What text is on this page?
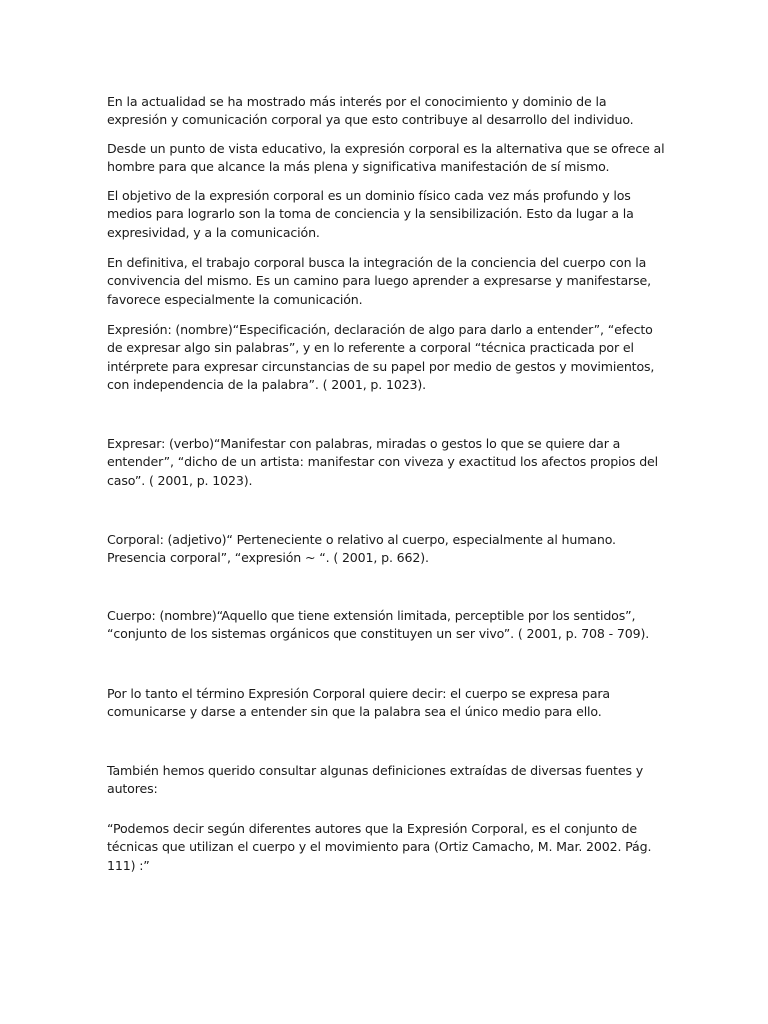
En la actualidad se ha mostrado más interés por el conocimiento y dominio de la expresión y comunicación corporal ya que esto contribuye al desarrollo del individuo.

Desde un punto de vista educativo, la expresión corporal es la alternativa que se ofrece al hombre para que alcance la más plena y significativa manifestación de sí mismo.

El objetivo de la expresión corporal es un dominio físico cada vez más profundo y los medios para lograrlo son la toma de conciencia y la sensibilización. Esto da lugar a la expresividad, y a la comunicación.

En definitiva, el trabajo corporal busca la integración de la conciencia del cuerpo con la convivencia del mismo. Es un camino para luego aprender a expresarse y manifestarse, favorece especialmente la comunicación.

Expresión: (nombre)“Especificación, declaración de algo para darlo a entender”, “efecto de expresar algo sin palabras”, y en lo referente a corporal “técnica practicada por el intérprete para expresar circunstancias de su papel por medio de gestos y movimientos, con independencia de la palabra”. ( 2001, p. 1023).

Expresar: (verbo)“Manifestar con palabras, miradas o gestos lo que se quiere dar a entender”, “dicho de un artista: manifestar con viveza y exactitud los afectos propios del caso”. ( 2001, p. 1023).

Corporal: (adjetivo)“ Perteneciente o relativo al cuerpo, especialmente al humano. Presencia corporal”, “expresión ~ “. ( 2001, p. 662).

Cuerpo: (nombre)“Aquello que tiene extensión limitada, perceptible por los sentidos”, “conjunto de los sistemas orgánicos que constituyen un ser vivo”. ( 2001, p. 708 - 709).

Por lo tanto el término Expresión Corporal quiere decir: el cuerpo se expresa para comunicarse y darse a entender sin que la palabra sea el único medio para ello.

También hemos querido consultar algunas definiciones extraídas de diversas fuentes y autores:

“Podemos decir según diferentes autores que la Expresión Corporal, es el conjunto de técnicas que utilizan el cuerpo y el movimiento para (Ortiz Camacho, M. Mar. 2002. Pág. 111) :”
